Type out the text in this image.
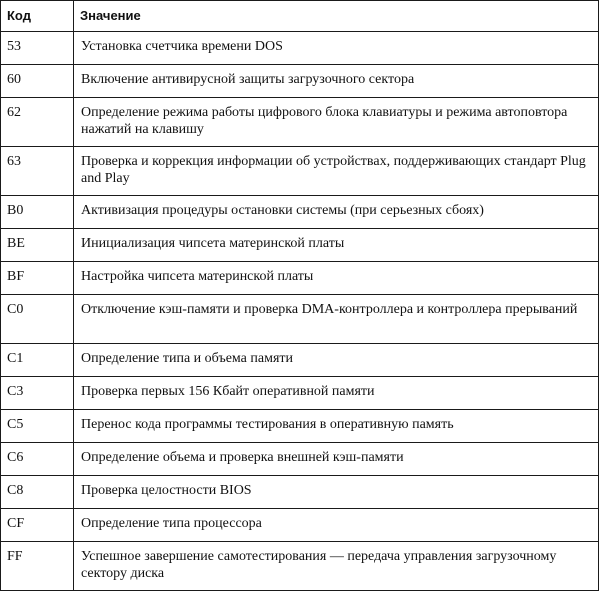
Код	Значение
53	Установка счетчика времени DOS
60	Включение антивирусной защиты загрузочного сектора
62	Определение режима работы цифрового блока клавиатуры и режима автоповтора нажатий на клавишу
63	Проверка и коррекция информации об устройствах, поддерживающих стандарт Plug and Play
B0	Активизация процедуры остановки системы (при серьезных сбоях)
BE	Инициализация чипсета материнской платы
BF	Настройка чипсета материнской платы
C0	Отключение кэш-памяти и проверка DMA-контроллера и контроллера прерываний
C1	Определение типа и объема памяти
C3	Проверка первых 156 Кбайт оперативной памяти
C5	Перенос кода программы тестирования в оперативную память
C6	Определение объема и проверка внешней кэш-памяти
C8	Проверка целостности BIOS
CF	Определение типа процессора
FF	Успешное завершение самотестирования — передача управления загрузочному сектору диска
